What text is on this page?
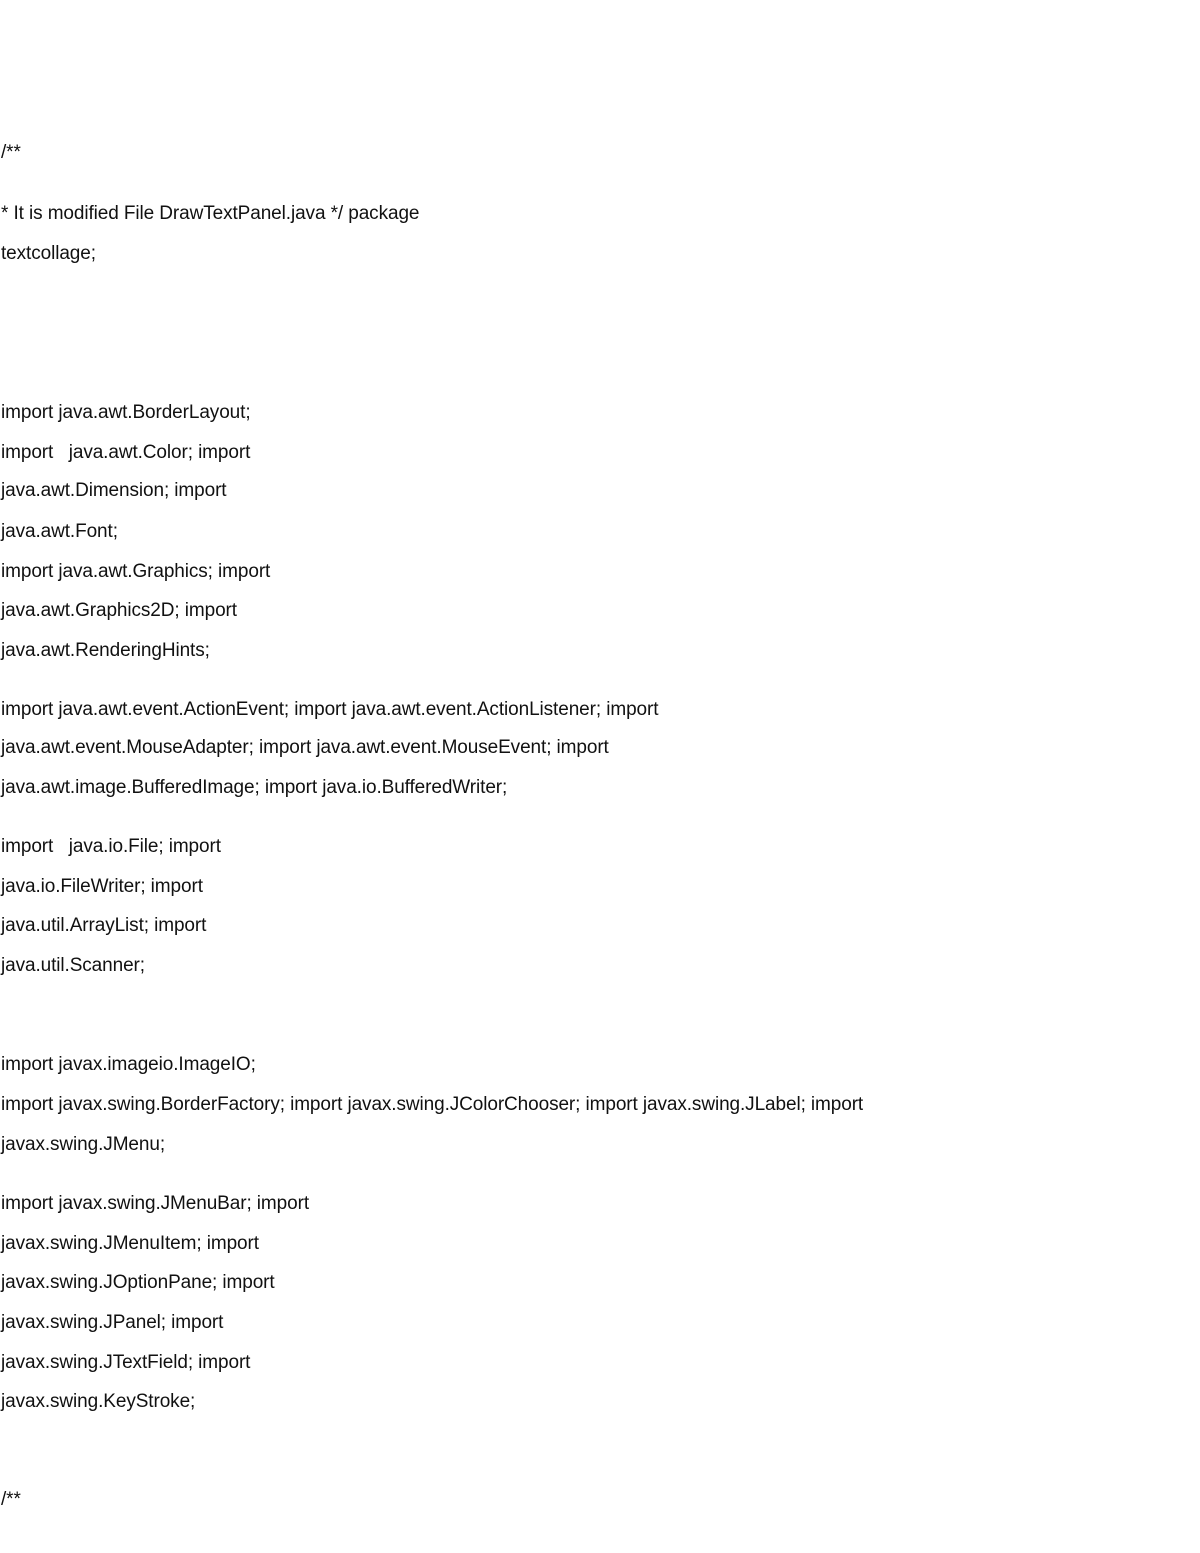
/**
* It is modified File DrawTextPanel.java */ package
textcollage;
import java.awt.BorderLayout;
import   java.awt.Color; import
java.awt.Dimension; import
java.awt.Font;
import java.awt.Graphics; import
java.awt.Graphics2D; import
java.awt.RenderingHints;
import java.awt.event.ActionEvent; import java.awt.event.ActionListener; import
java.awt.event.MouseAdapter; import java.awt.event.MouseEvent; import
java.awt.image.BufferedImage; import java.io.BufferedWriter;
import   java.io.File; import
java.io.FileWriter; import
java.util.ArrayList; import
java.util.Scanner;
import javax.imageio.ImageIO;
import javax.swing.BorderFactory; import javax.swing.JColorChooser; import javax.swing.JLabel; import
javax.swing.JMenu;
import javax.swing.JMenuBar; import
javax.swing.JMenuItem; import
javax.swing.JOptionPane; import
javax.swing.JPanel; import
javax.swing.JTextField; import
javax.swing.KeyStroke;
/**
